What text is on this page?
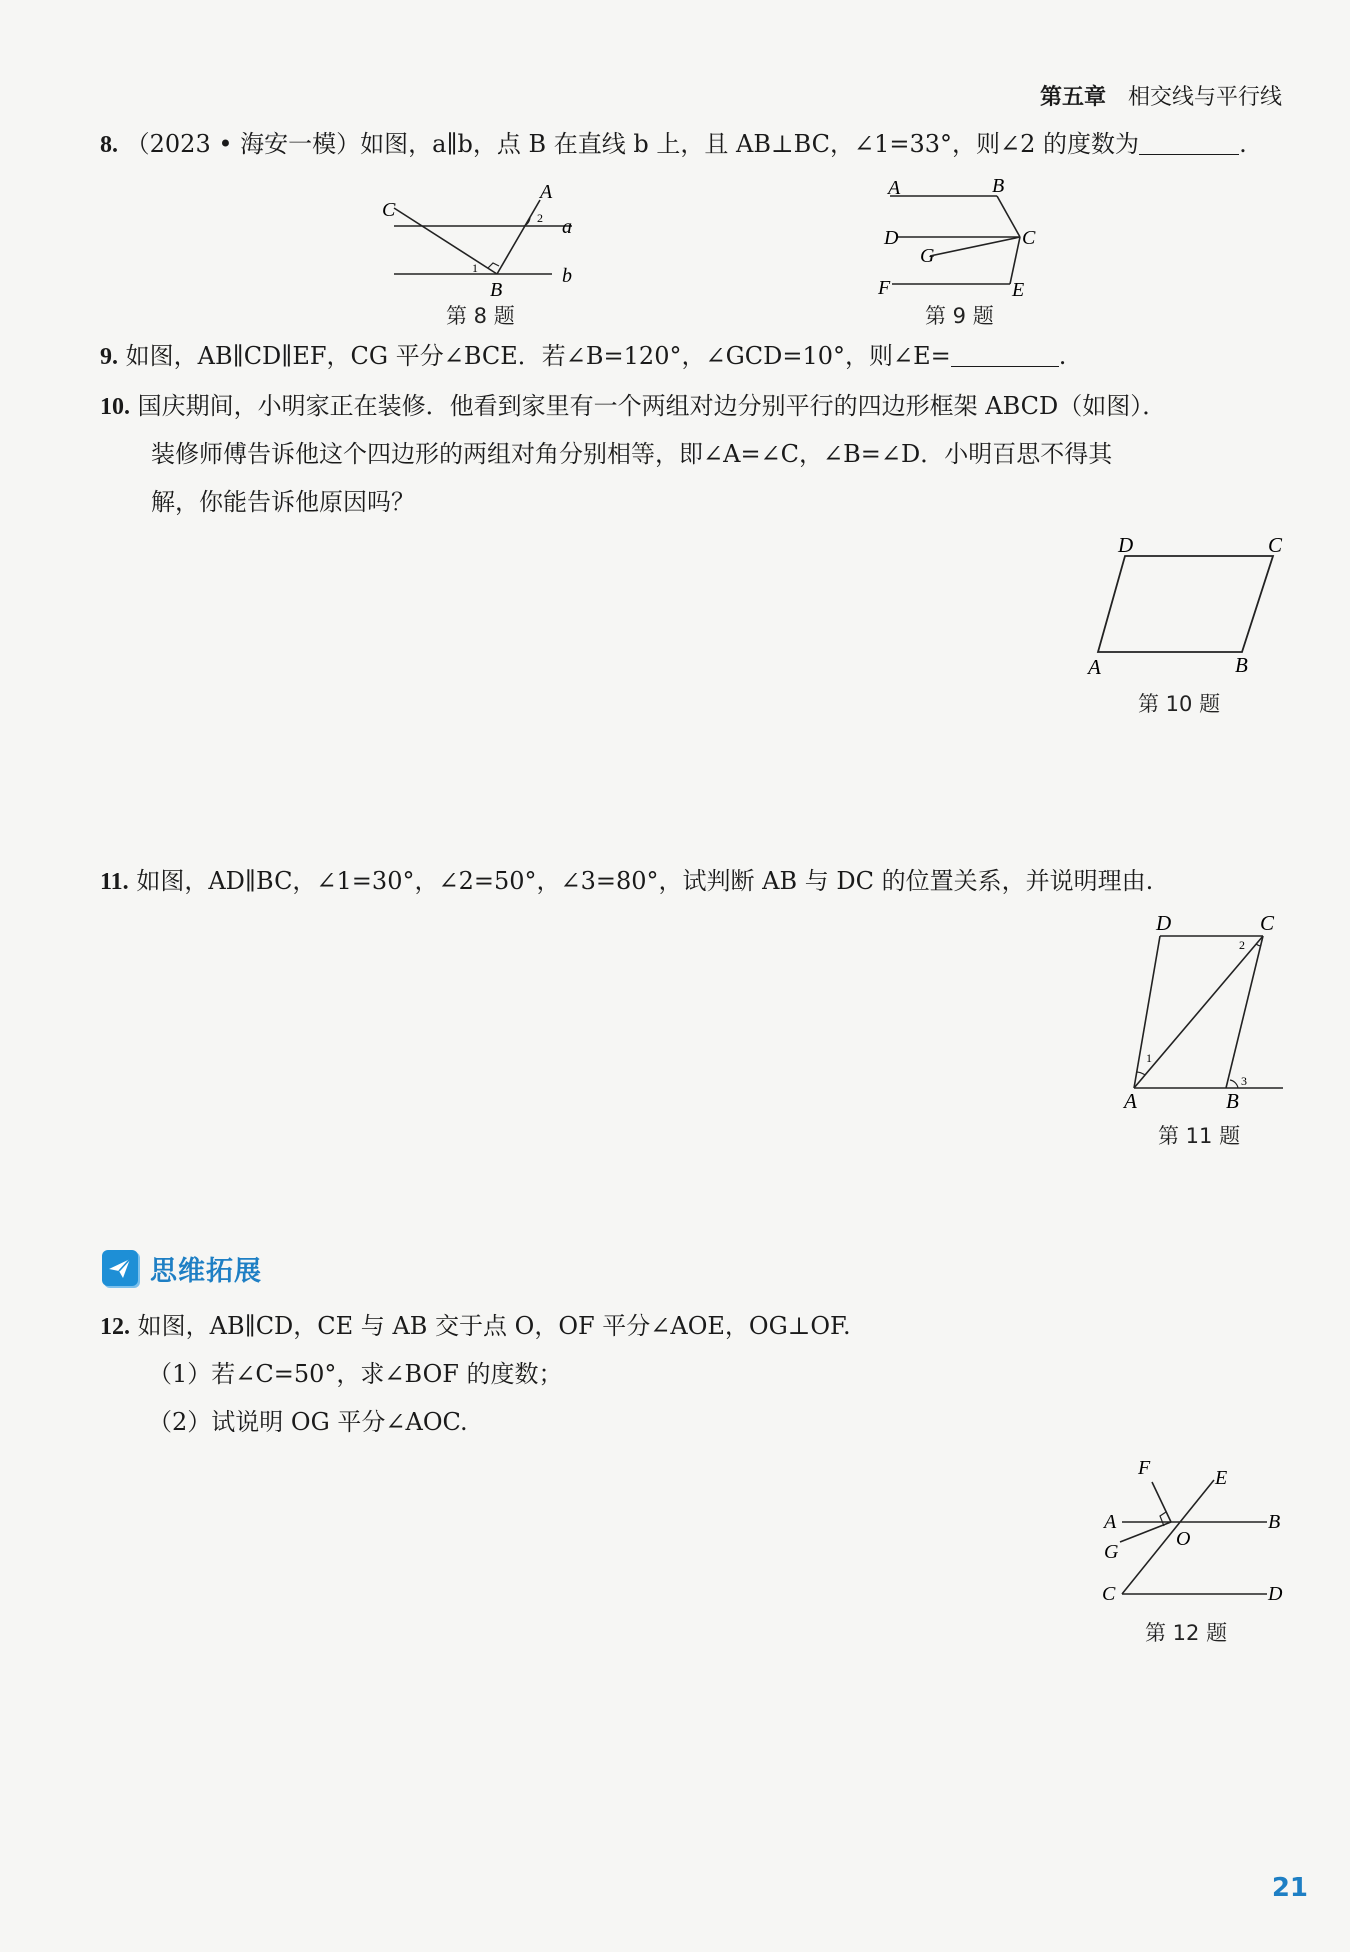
第五章 相交线与平行线
8. （2023 • 海安一模）如图，a∥b，点 B 在直线 b 上，且 AB⊥BC，∠1=33°，则∠2 的度数为	.
C
A
a
b
B
1
2
第 8 题
A	B
D	C
G
F	E
第 9 题
9. 如图，AB∥CD∥EF，CG 平分∠BCE．若∠B=120°，∠GCD=10°，则∠E=	.
10. 国庆期间，小明家正在装修．他看到家里有一个两组对边分别平行的四边形框架 ABCD（如图）．
装修师傅告诉他这个四边形的两组对角分别相等，即∠A=∠C，∠B=∠D．小明百思不得其
解，你能告诉他原因吗？
D	C
A	B
第 10 题
11. 如图，AD∥BC，∠1=30°，∠2=50°，∠3=80°，试判断 AB 与 DC 的位置关系，并说明理由.
D	C
A	B
1
2
3
第 11 题
思维拓展
12. 如图，AB∥CD，CE 与 AB 交于点 O，OF 平分∠AOE，OG⊥OF.
（1）若∠C=50°，求∠BOF 的度数；
（2）试说明 OG 平分∠AOC.
F	E
A	B
O
G
C	D
第 12 题
21
